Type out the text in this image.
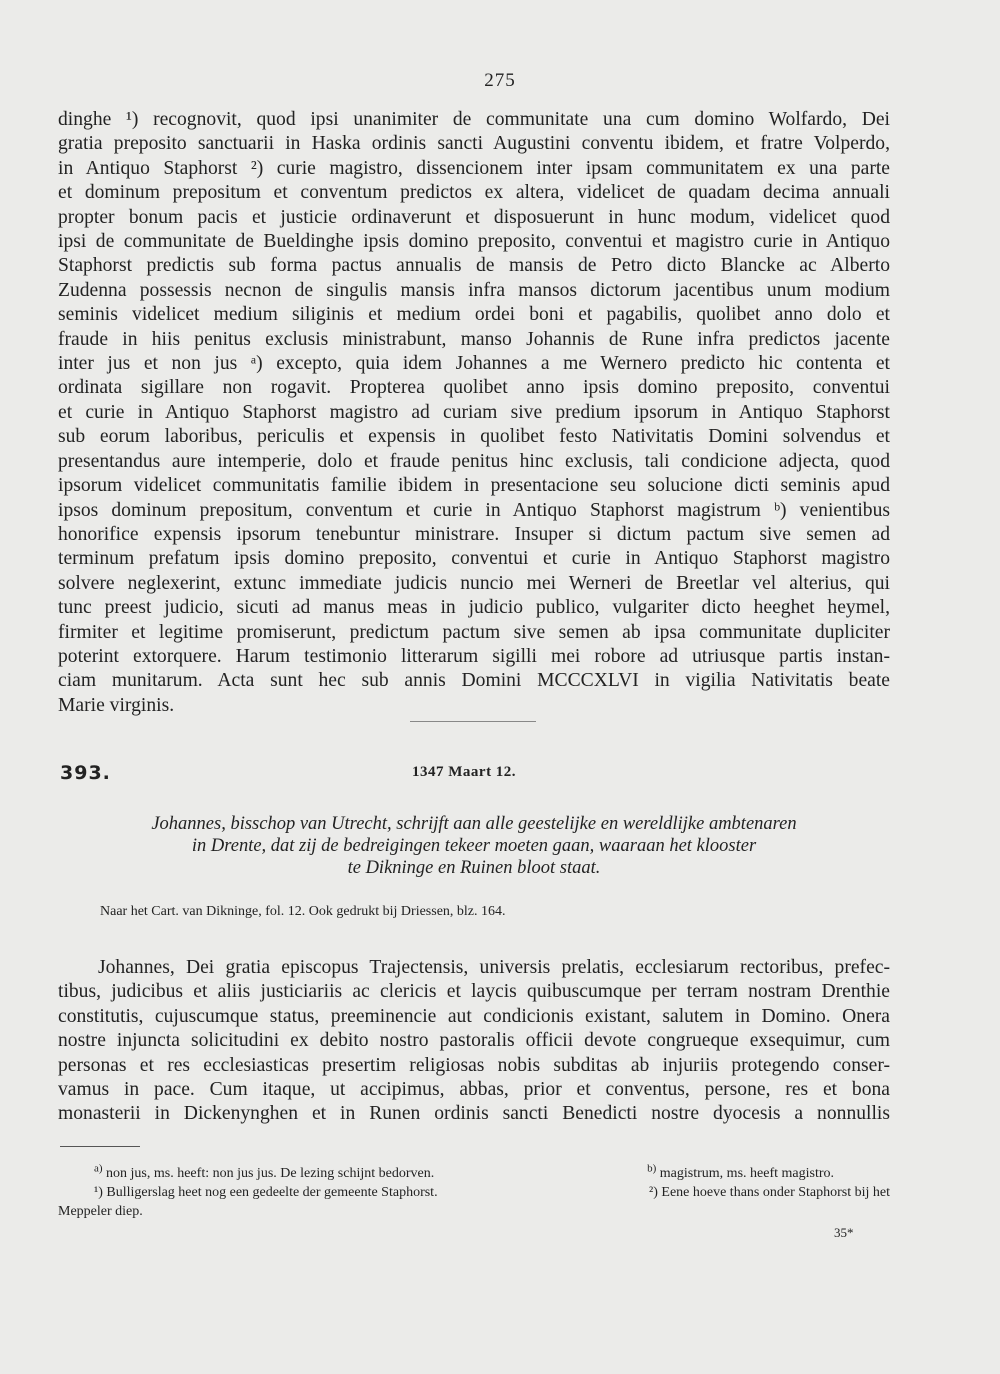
275
dinghe ¹) recognovit, quod ipsi unanimiter de communitate una cum domino Wolfardo, Dei
gratia preposito sanctuarii in Haska ordinis sancti Augustini conventu ibidem, et fratre Volperdo,
in Antiquo Staphorst ²) curie magistro, dissencionem inter ipsam communitatem ex una parte
et dominum prepositum et conventum predictos ex altera, videlicet de quadam decima annuali
propter bonum pacis et justicie ordinaverunt et disposuerunt in hunc modum, videlicet quod
ipsi de communitate de Bueldinghe ipsis domino preposito, conventui et magistro curie in Antiquo
Staphorst predictis sub forma pactus annualis de mansis de Petro dicto Blancke ac Alberto
Zudenna possessis necnon de singulis mansis infra mansos dictorum jacentibus unum modium
seminis videlicet medium siliginis et medium ordei boni et pagabilis, quolibet anno dolo et
fraude in hiis penitus exclusis ministrabunt, manso Johannis de Rune infra predictos jacente
inter jus et non jus ᵃ) excepto, quia idem Johannes a me Wernero predicto hic contenta et
ordinata sigillare non rogavit. Propterea quolibet anno ipsis domino preposito, conventui
et curie in Antiquo Staphorst magistro ad curiam sive predium ipsorum in Antiquo Staphorst
sub eorum laboribus, periculis et expensis in quolibet festo Nativitatis Domini solvendus et
presentandus aure intemperie, dolo et fraude penitus hinc exclusis, tali condicione adjecta, quod
ipsorum videlicet communitatis familie ibidem in presentacione seu solucione dicti seminis apud
ipsos dominum prepositum, conventum et curie in Antiquo Staphorst magistrum ᵇ) venientibus
honorifice expensis ipsorum tenebuntur ministrare. Insuper si dictum pactum sive semen ad
terminum prefatum ipsis domino preposito, conventui et curie in Antiquo Staphorst magistro
solvere neglexerint, extunc immediate judicis nuncio mei Werneri de Breetlar vel alterius, qui
tunc preest judicio, sicuti ad manus meas in judicio publico, vulgariter dicto heeghet heymel,
firmiter et legitime promiserunt, predictum pactum sive semen ab ipsa communitate dupliciter
poterint extorquere. Harum testimonio litterarum sigilli mei robore ad utriusque partis instan-
ciam munitarum. Acta sunt hec sub annis Domini MCCCXLVI in vigilia Nativitatis beate
Marie virginis.
393.	1347 Maart 12.
Johannes, bisschop van Utrecht, schrijft aan alle geestelijke en wereldlijke ambtenaren
in Drente, dat zij de bedreigingen tekeer moeten gaan, waaraan het klooster
te Dikninge en Ruinen bloot staat.
Naar het Cart. van Dikninge, fol. 12. Ook gedrukt bij Driessen, blz. 164.
Johannes, Dei gratia episcopus Trajectensis, universis prelatis, ecclesiarum rectoribus, prefec-
tibus, judicibus et aliis justiciariis ac clericis et laycis quibuscumque per terram nostram Drenthie
constitutis, cujuscumque status, preeminencie aut condicionis existant, salutem in Domino. Onera
nostre injuncta solicitudini ex debito nostro pastoralis officii devote congrueque exsequimur, cum
personas et res ecclesiasticas presertim religiosas nobis subditas ab injuriis protegendo conser-
vamus in pace. Cum itaque, ut accipimus, abbas, prior et conventus, persone, res et bona
monasterii in Dickenynghen et in Runen ordinis sancti Benedicti nostre dyocesis a nonnullis
$^{a)}$ non jus, ms. heeft: non jus jus. De lezing schijnt bedorven.	$^{b)}$ magistrum, ms. heeft magistro.
¹) Bulligerslag heet nog een gedeelte der gemeente Staphorst.	²) Eene hoeve thans onder Staphorst bij het
Meppeler diep.
35*
